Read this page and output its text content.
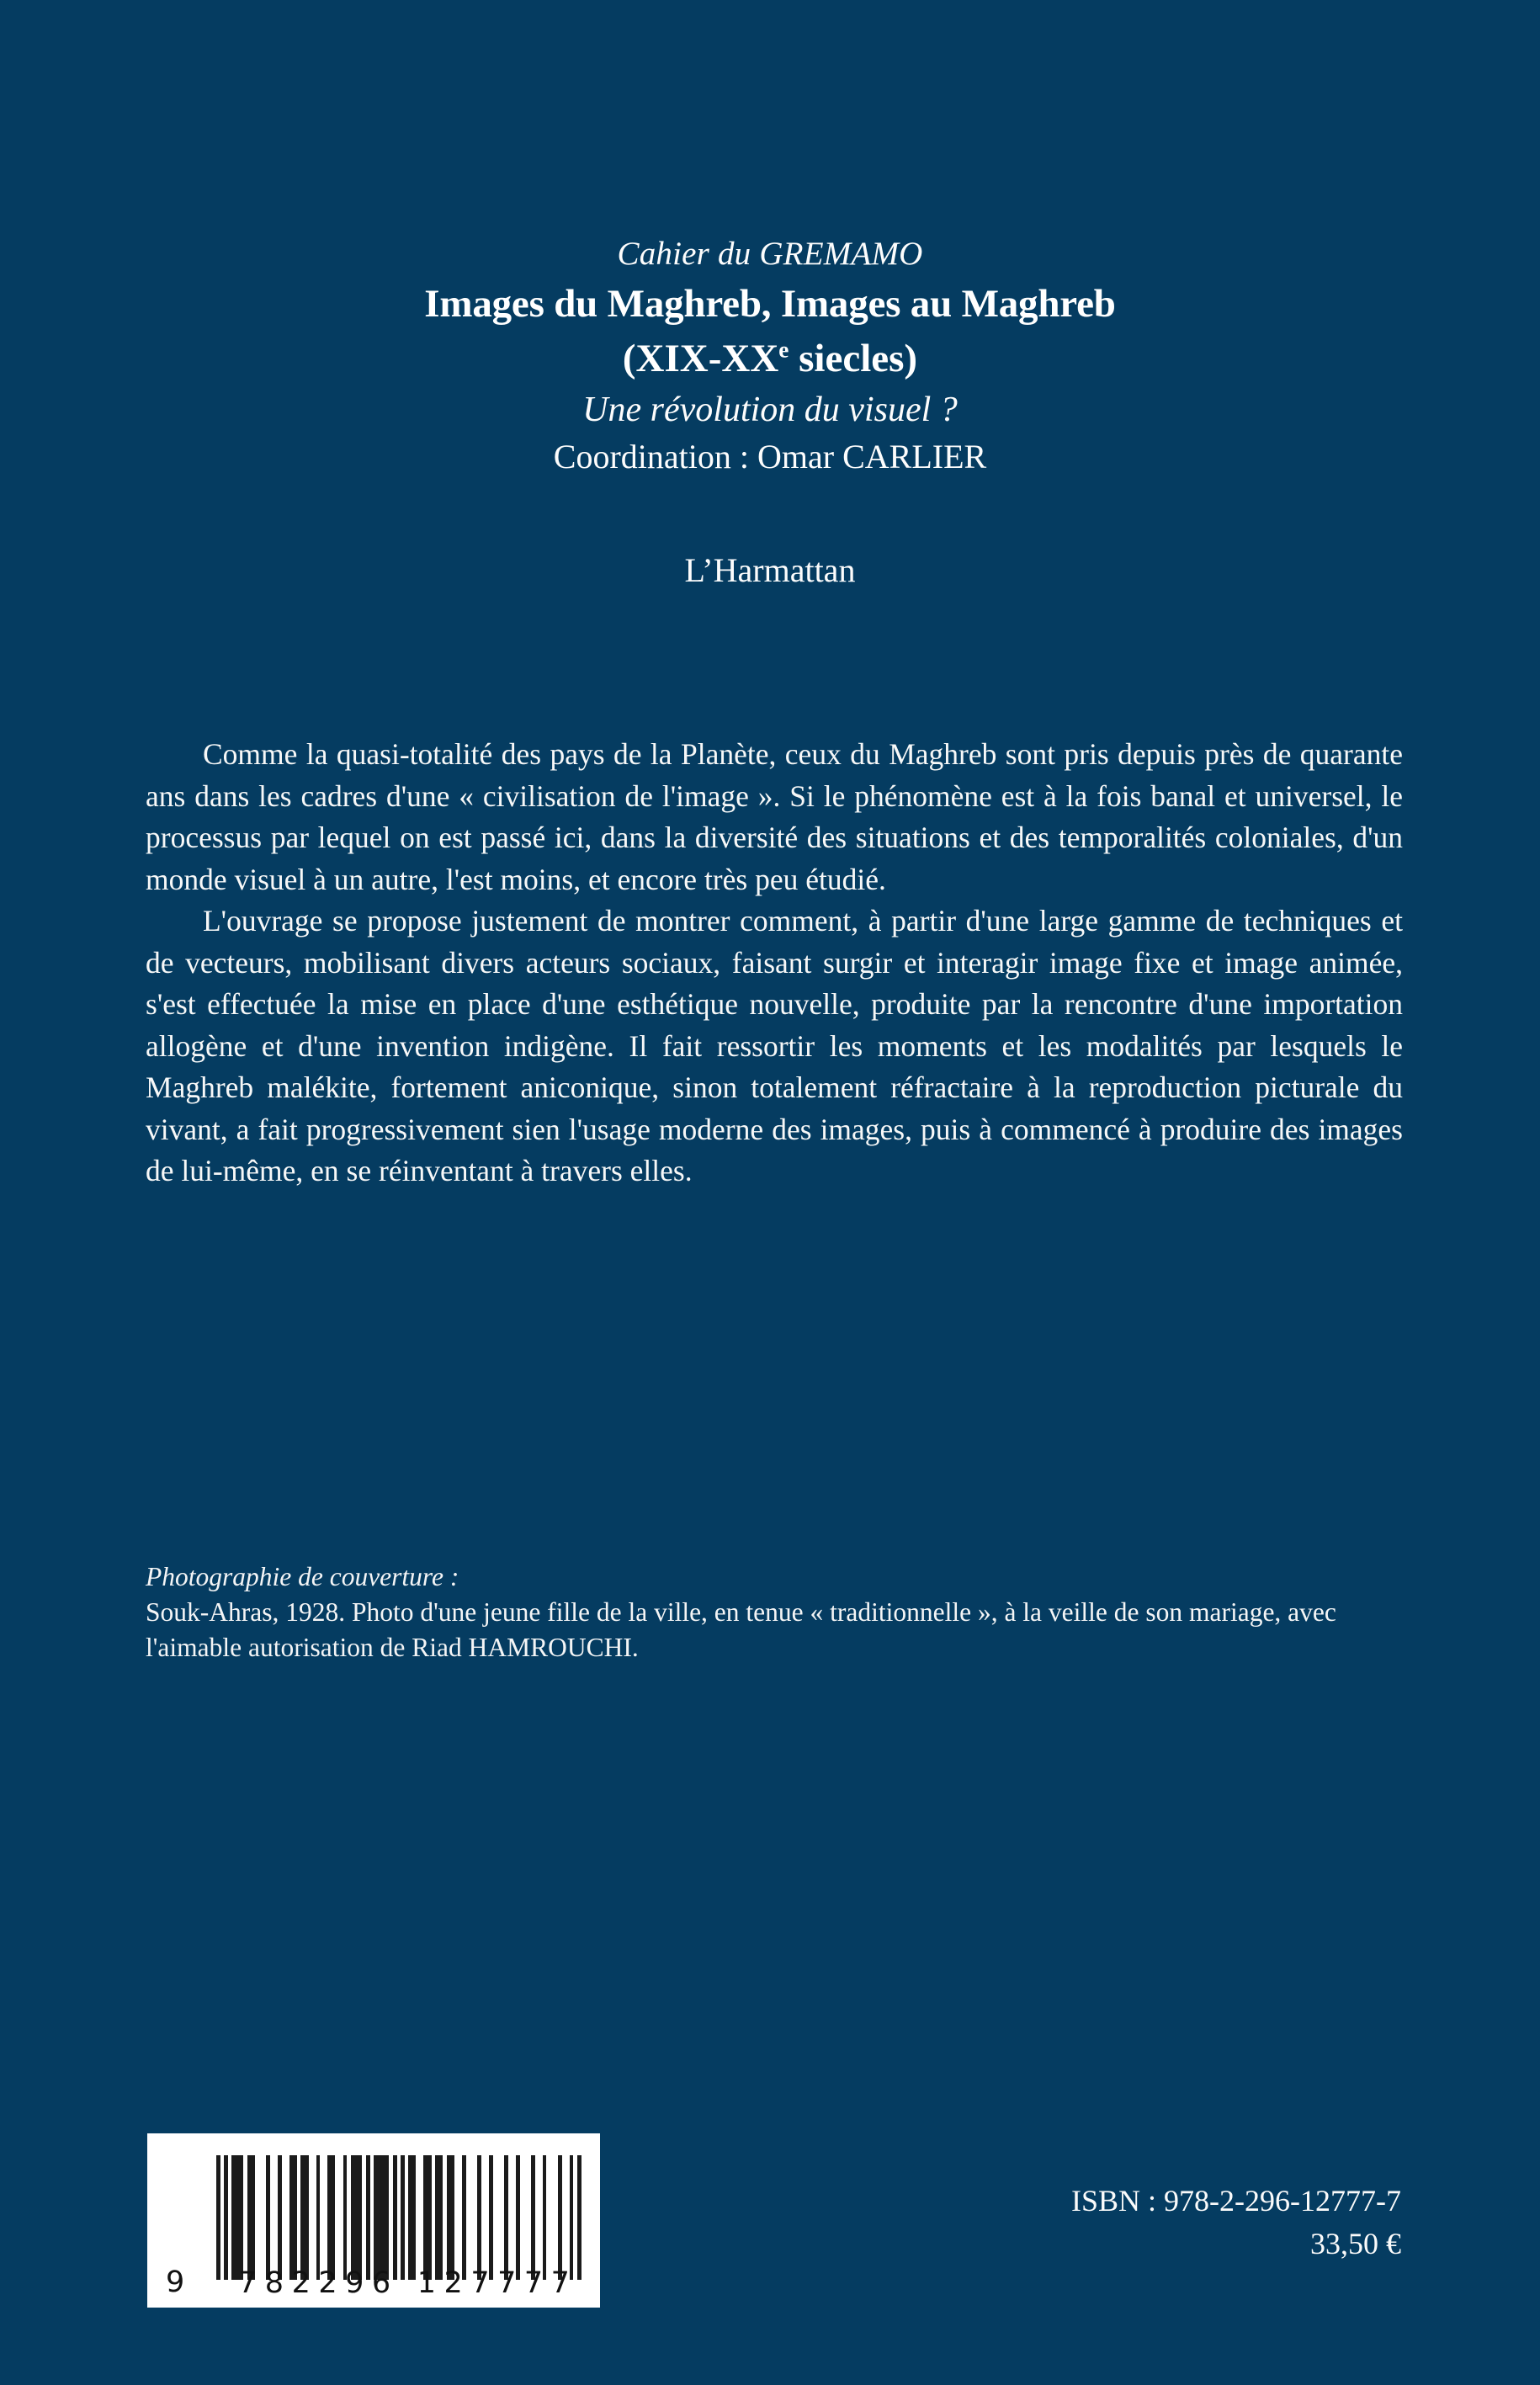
Cahier du GREMAMO
Images du Maghreb, Images au Maghreb
(XIX-XXe siecles)
Une révolution du visuel ?
Coordination : Omar CARLIER
L’Harmattan

Comme la quasi-totalité des pays de la Planète, ceux du Maghreb sont pris depuis près de quarante ans dans les cadres d'une « civilisation de l'image ». Si le phénomène est à la fois banal et universel, le processus par lequel on est passé ici, dans la diversité des situations et des temporalités coloniales, d'un monde visuel à un autre, l'est moins, et encore très peu étudié.

L'ouvrage se propose justement de montrer comment, à partir d'une large gamme de techniques et de vecteurs, mobilisant divers acteurs sociaux, faisant surgir et interagir image fixe et image animée, s'est effectuée la mise en place d'une esthétique nouvelle, produite par la rencontre d'une importation allogène et d'une invention indigène. Il fait ressortir les moments et les modalités par lesquels le Maghreb malékite, fortement aniconique, sinon totalement réfractaire à la reproduction picturale du vivant, a fait progressivement sien l'usage moderne des images, puis à commencé à produire des images de lui-même, en se réinventant à travers elles.

Photographie de couverture :
Souk-Ahras, 1928. Photo d'une jeune fille de la ville, en tenue « traditionnelle », à la veille de son mariage, avec l'aimable autorisation de Riad HAMROUCHI.
9 7 8 2 2 9 6 1 2 7 7 7 7
ISBN : 978-2-296-12777-7
33,50 €
